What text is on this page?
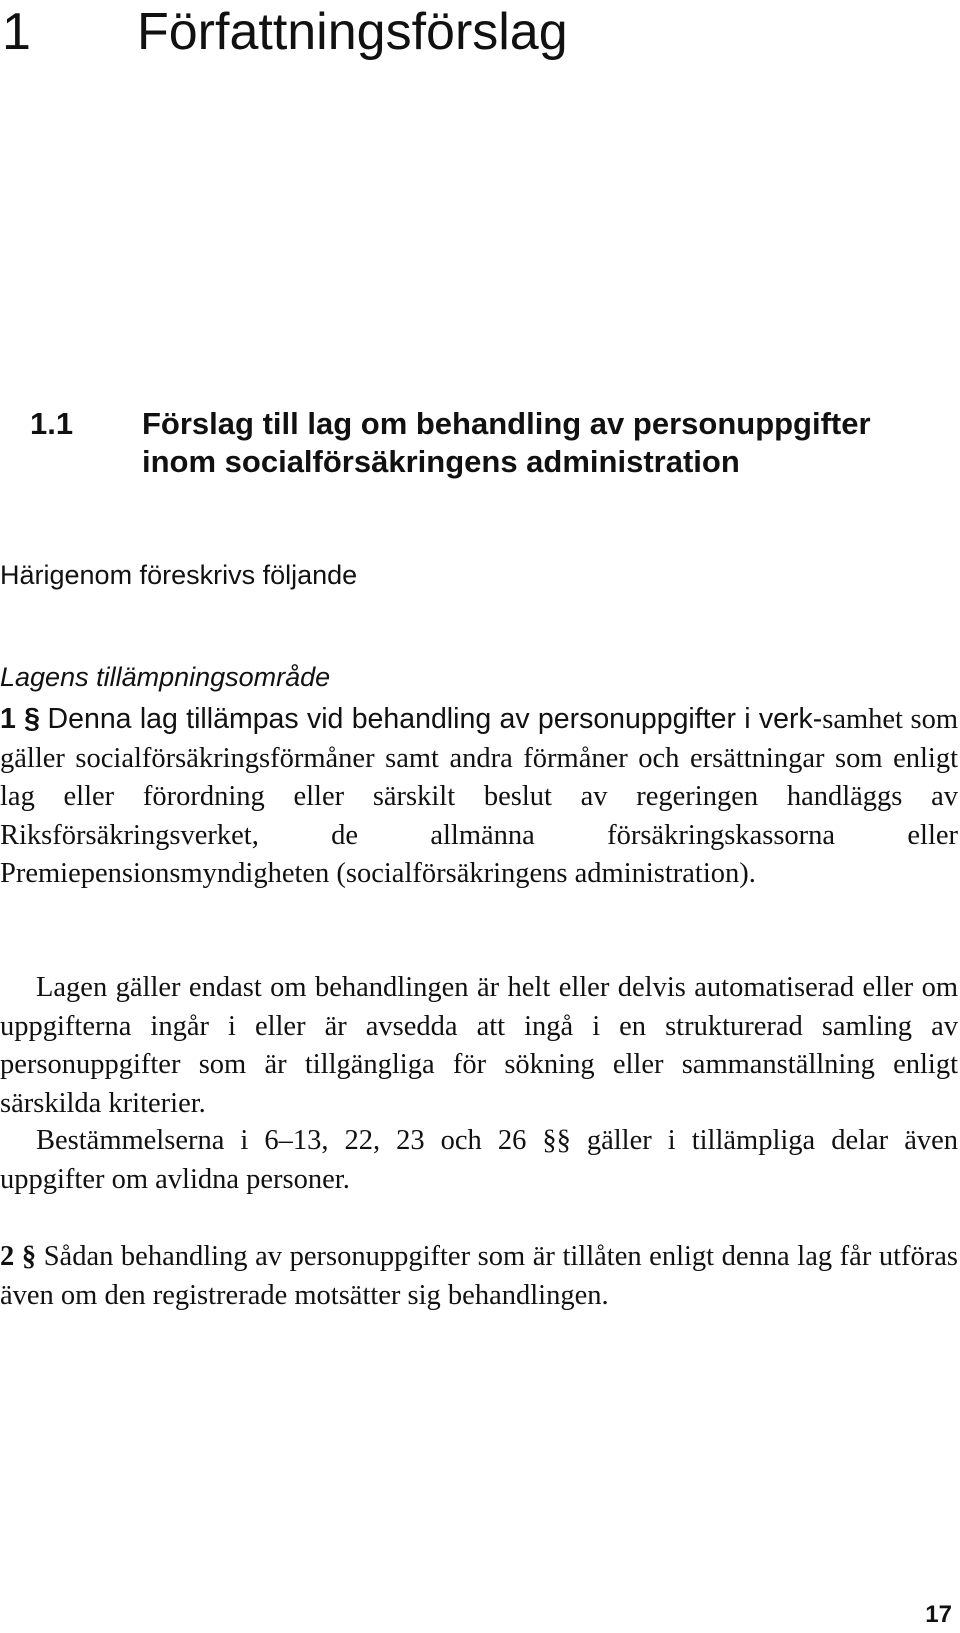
1 Författningsförslag
1.1 Förslag till lag om behandling av personuppgifter inom socialförsäkringens administration
Härigenom föreskrivs följande
Lagens tillämpningsområde

1 § Denna lag tillämpas vid behandling av personuppgifter i verk-samhet som gäller socialförsäkringsförmåner samt andra förmåner och ersättningar som enligt lag eller förordning eller särskilt beslut av regeringen handläggs av Riksförsäkringsverket, de allmänna försäkringskassorna eller Premiepensionsmyndigheten (socialförsäkringens administration).

Lagen gäller endast om behandlingen är helt eller delvis automatiserad eller om uppgifterna ingår i eller är avsedda att ingå i en strukturerad samling av personuppgifter som är tillgängliga för sökning eller sammanställning enligt särskilda kriterier.

Bestämmelserna i 6–13, 22, 23 och 26 §§ gäller i tillämpliga delar även uppgifter om avlidna personer.

2 § Sådan behandling av personuppgifter som är tillåten enligt denna lag får utföras även om den registrerade motsätter sig behandlingen.

17
